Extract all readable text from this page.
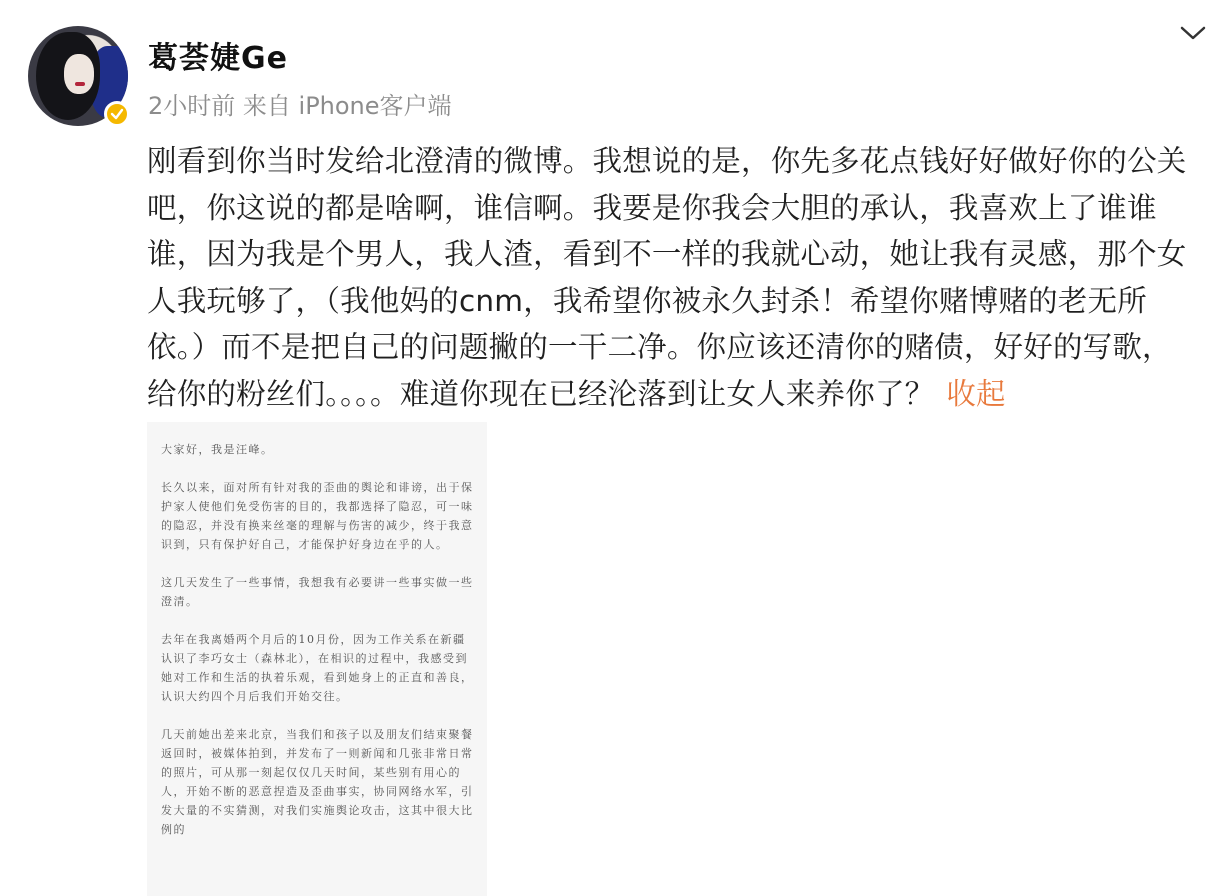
葛荟婕Ge
2小时前 来自 iPhone客户端
刚看到你当时发给北澄清的微博。我想说的是，你先多花点钱好好做好你的公关吧，你这说的都是啥啊，谁信啊。我要是你我会大胆的承认，我喜欢上了谁谁谁，因为我是个男人，我人渣，看到不一样的我就心动，她让我有灵感，那个女人我玩够了，（我他妈的cnm，我希望你被永久封杀！希望你赌博赌的老无所依。）而不是把自己的问题撇的一干二净。你应该还清你的赌债，好好的写歌，给你的粉丝们。。。。难道你现在已经沦落到让女人来养你了？ 收起

大家好，我是汪峰。

长久以来，面对所有针对我的歪曲的舆论和诽谤，出于保护家人使他们免受伤害的目的，我都选择了隐忍，可一味的隐忍，并没有换来丝毫的理解与伤害的减少，终于我意识到，只有保护好自己，才能保护好身边在乎的人。

这几天发生了一些事情，我想我有必要讲一些事实做一些澄清。

去年在我离婚两个月后的10月份，因为工作关系在新疆认识了李巧女士（森林北），在相识的过程中，我感受到她对工作和生活的执着乐观，看到她身上的正直和善良，认识大约四个月后我们开始交往。

几天前她出差来北京，当我们和孩子以及朋友们结束聚餐返回时，被媒体拍到，并发布了一则新闻和几张非常日常的照片，可从那一刻起仅仅几天时间，某些别有用心的人，开始不断的恶意捏造及歪曲事实，协同网络水军，引发大量的不实猜测，对我们实施舆论攻击，这其中很大比例的
